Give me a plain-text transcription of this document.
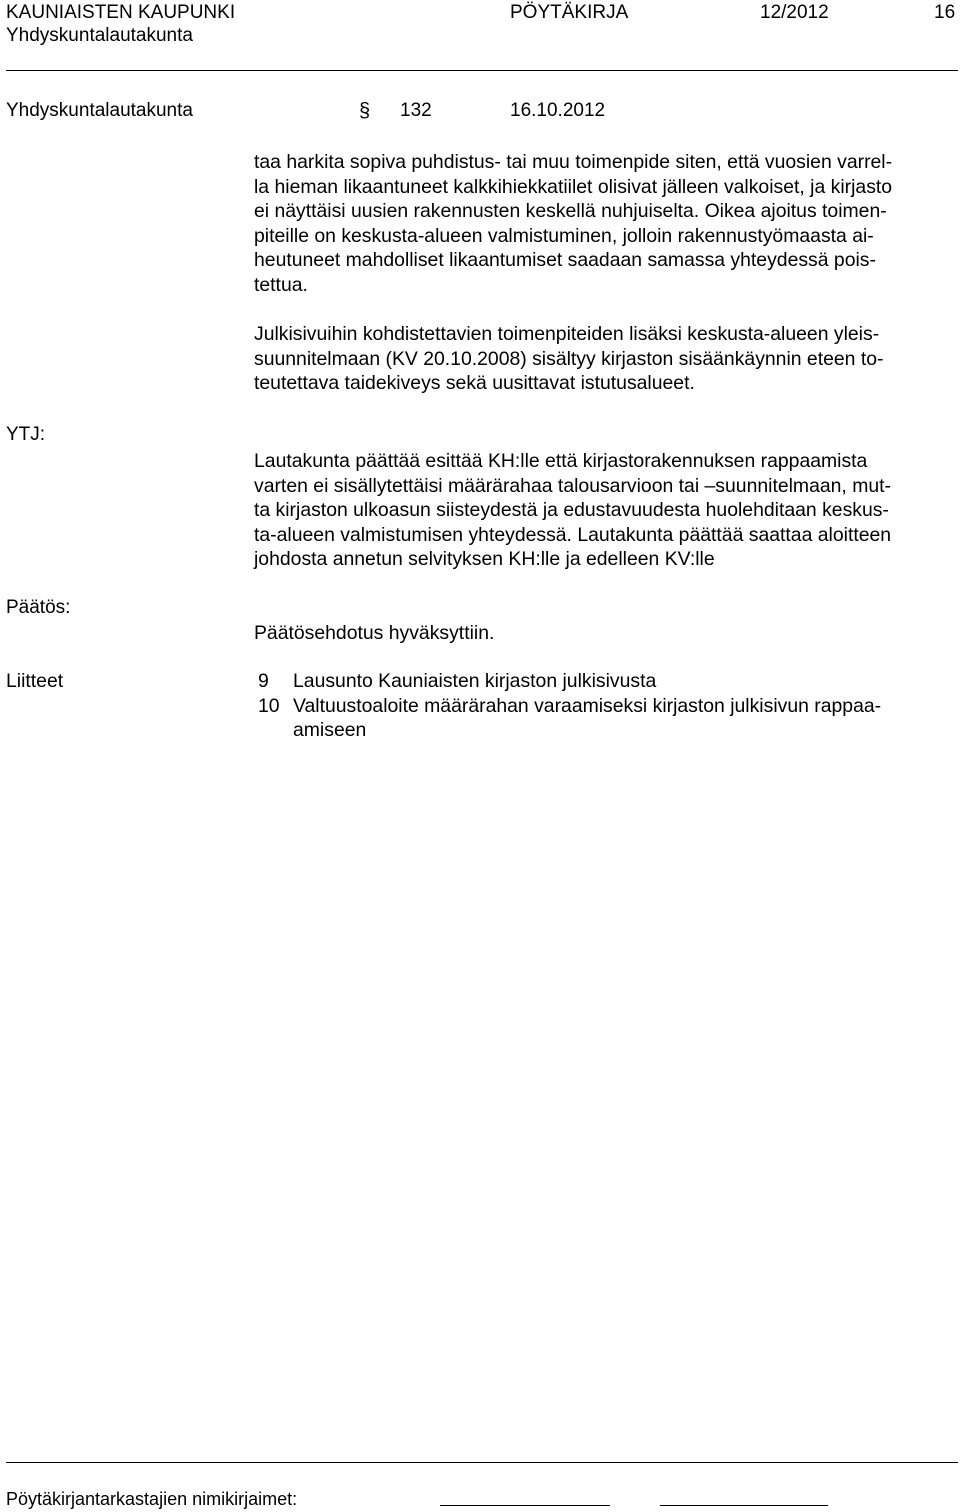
KAUNIAISTEN KAUPUNKI
Yhdyskuntalautakunta
PÖYTÄKIRJA	12/2012	16
Yhdyskuntalautakunta	§ 132	16.10.2012
taa harkita sopiva puhdistus- tai muu toimenpide siten, että vuosien varrel-
la hieman likaantuneet kalkkihiekkatiilet olisivat jälleen valkoiset, ja kirjasto
ei näyttäisi uusien rakennusten keskellä nuhjuiselta. Oikea ajoitus toimen-
piteille on keskusta-alueen valmistuminen, jolloin rakennustyömaasta ai-
heutuneet mahdolliset likaantumiset saadaan samassa yhteydessä pois-
tettua.
Julkisivuihin kohdistettavien toimenpiteiden lisäksi keskusta-alueen yleis-
suunnitelmaan (KV 20.10.2008) sisältyy kirjaston sisäänkäynnin eteen to-
teutettava taidekiveys sekä uusittavat istutusalueet.
YTJ:
Lautakunta päättää esittää KH:lle että kirjastorakennuksen rappaamista
varten ei sisällytettäisi määrärahaa talousarvioon tai –suunnitelmaan, mut-
ta kirjaston ulkoasun siisteydestä ja edustavuudesta huolehditaan keskus-
ta-alueen valmistumisen yhteydessä. Lautakunta päättää saattaa aloitteen
johdosta annetun selvityksen KH:lle ja edelleen KV:lle
Päätös:
Päätösehdotus hyväksyttiin.
Liitteet	9 Lausunto Kauniaisten kirjaston julkisivusta
10 Valtuustoaloite määrärahan varaamiseksi kirjaston julkisivun rappaa-
amiseen
Pöytäkirjantarkastajien nimikirjaimet:
